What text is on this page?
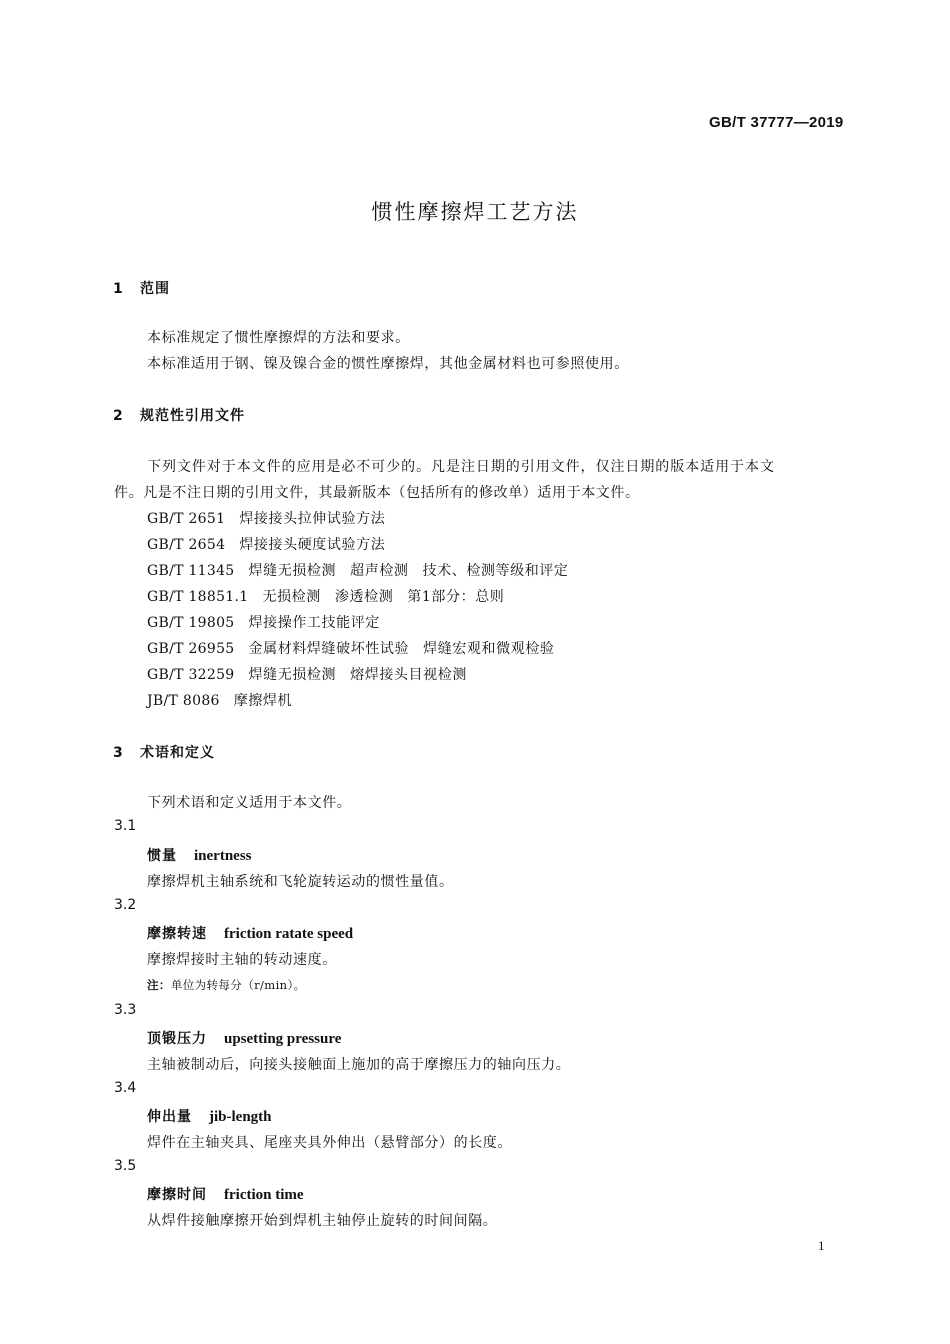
GB/T 37777—2019
惯性摩擦焊工艺方法
1 范围
本标准规定了惯性摩擦焊的方法和要求。
本标准适用于钢、镍及镍合金的惯性摩擦焊，其他金属材料也可参照使用。
2 规范性引用文件
下列文件对于本文件的应用是必不可少的。凡是注日期的引用文件，仅注日期的版本适用于本文
件。凡是不注日期的引用文件，其最新版本（包括所有的修改单）适用于本文件。
GB/T 2651 焊接接头拉伸试验方法
GB/T 2654 焊接接头硬度试验方法
GB/T 11345 焊缝无损检测 超声检测 技术、检测等级和评定
GB/T 18851.1 无损检测 渗透检测 第1部分：总则
GB/T 19805 焊接操作工技能评定
GB/T 26955 金属材料焊缝破坏性试验 焊缝宏观和微观检验
GB/T 32259 焊缝无损检测 熔焊接头目视检测
JB/T 8086 摩擦焊机
3 术语和定义
下列术语和定义适用于本文件。
3.1
惯量 inertness
摩擦焊机主轴系统和飞轮旋转运动的惯性量值。
3.2
摩擦转速 friction ratate speed
摩擦焊接时主轴的转动速度。
注：单位为转每分（r/min）。
3.3
顶锻压力 upsetting pressure
主轴被制动后，向接头接触面上施加的高于摩擦压力的轴向压力。
3.4
伸出量 jib-length
焊件在主轴夹具、尾座夹具外伸出（悬臂部分）的长度。
3.5
摩擦时间 friction time
从焊件接触摩擦开始到焊机主轴停止旋转的时间间隔。
1
